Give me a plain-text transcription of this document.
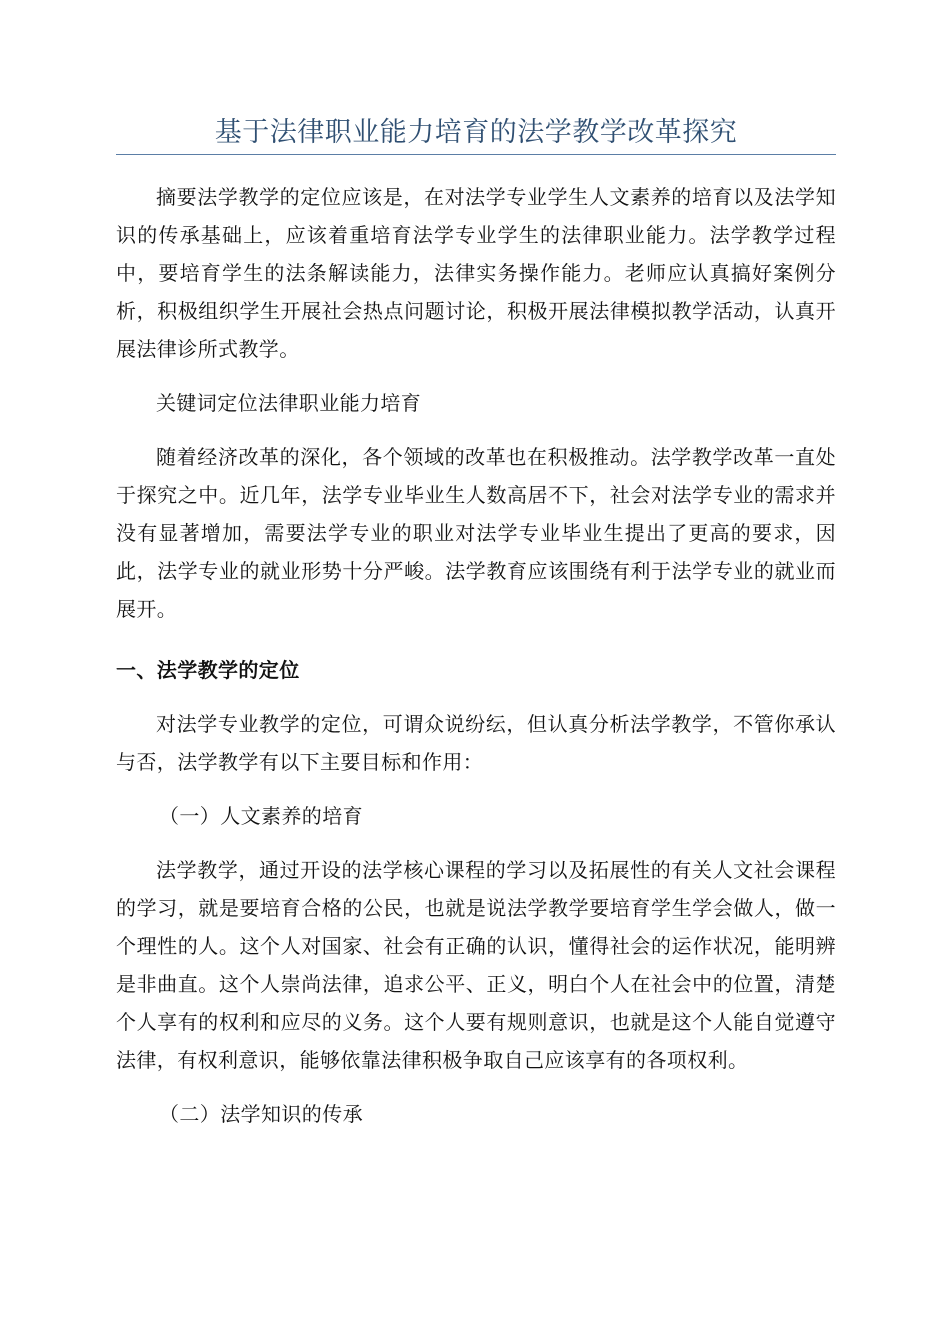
基于法律职业能力培育的法学教学改革探究

摘要法学教学的定位应该是，在对法学专业学生人文素养的培育以及法学知识的传承基础上，应该着重培育法学专业学生的法律职业能力。法学教学过程中，要培育学生的法条解读能力，法律实务操作能力。老师应认真搞好案例分析，积极组织学生开展社会热点问题讨论，积极开展法律模拟教学活动，认真开展法律诊所式教学。

关键词定位法律职业能力培育

随着经济改革的深化，各个领域的改革也在积极推动。法学教学改革一直处于探究之中。近几年，法学专业毕业生人数高居不下，社会对法学专业的需求并没有显著增加，需要法学专业的职业对法学专业毕业生提出了更高的要求，因此，法学专业的就业形势十分严峻。法学教育应该围绕有利于法学专业的就业而展开。

一、法学教学的定位

对法学专业教学的定位，可谓众说纷纭，但认真分析法学教学，不管你承认与否，法学教学有以下主要目标和作用：

（一）人文素养的培育

法学教学，通过开设的法学核心课程的学习以及拓展性的有关人文社会课程的学习，就是要培育合格的公民，也就是说法学教学要培育学生学会做人，做一个理性的人。这个人对国家、社会有正确的认识，懂得社会的运作状况，能明辨是非曲直。这个人崇尚法律，追求公平、正义，明白个人在社会中的位置，清楚个人享有的权利和应尽的义务。这个人要有规则意识，也就是这个人能自觉遵守法律，有权利意识，能够依靠法律积极争取自己应该享有的各项权利。

（二）法学知识的传承
